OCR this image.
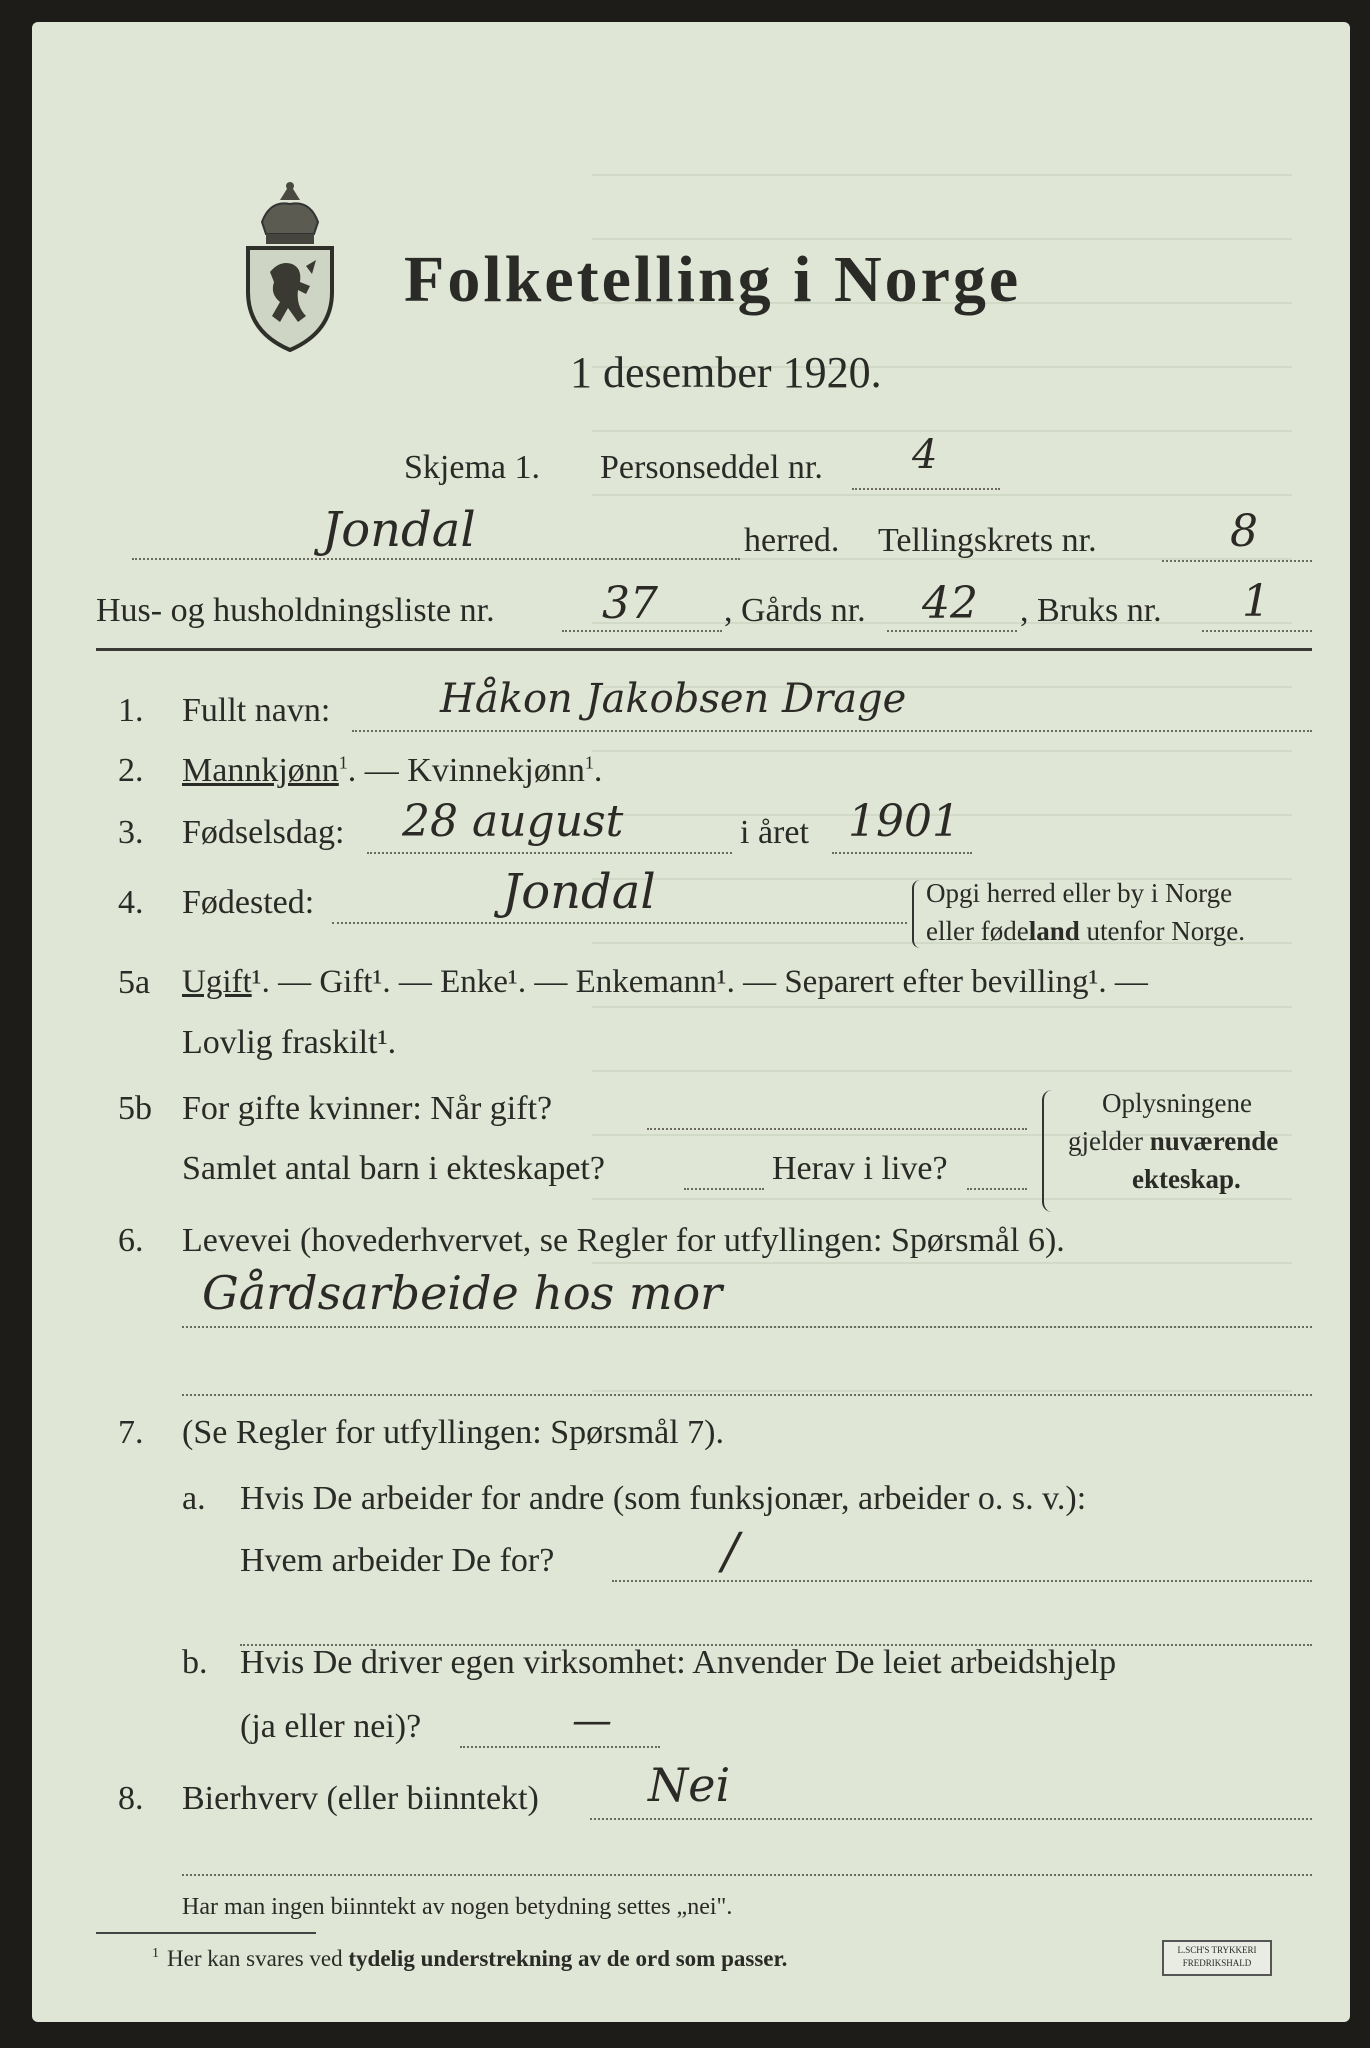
Folketelling i Norge
1 desember 1920.
Skjema 1. Personseddel nr. 4
Jondal	herred. Tellingskrets nr.	8
Hus- og husholdningsliste nr. 37 , Gårds nr. 42 , Bruks nr. 1
1. Fullt navn:	Håkon Jakobsen Drage
2. Mannkjønn$^1$. — Kvinnekjønn$^1$.
3. Fødselsdag: 28 august	i året 1901
4. Fødested:	Jondal	Opgi herred eller by i Norge
eller fødeland utenfor Norge.
5a Ugift¹. — Gift¹. — Enke¹. — Enkemann¹. — Separert efter bevilling¹. —
Lovlig fraskilt¹.
5b For gifte kvinner: Når gift?
Samlet antal barn i ekteskapet?	Herav i live?
Oplysningene
gjelder nuværende
ekteskap.
6. Levevei (hovederhvervet, se Regler for utfyllingen: Spørsmål 6).
Gårdsarbeide hos mor
7. (Se Regler for utfyllingen: Spørsmål 7).
a. Hvis De arbeider for andre (som funksjonær, arbeider o. s. v.):
Hvem arbeider De for?	/
b. Hvis De driver egen virksomhet: Anvender De leiet arbeidshjelp
(ja eller nei)?	—
8. Bierhverv (eller biinntekt) Nei
Har man ingen biinntekt av nogen betydning settes „nei".
$^1$ Her kan svares ved tydelig understrekning av de ord som passer.	L.SCH'S TRYKKERI
FREDRIKSHALD
